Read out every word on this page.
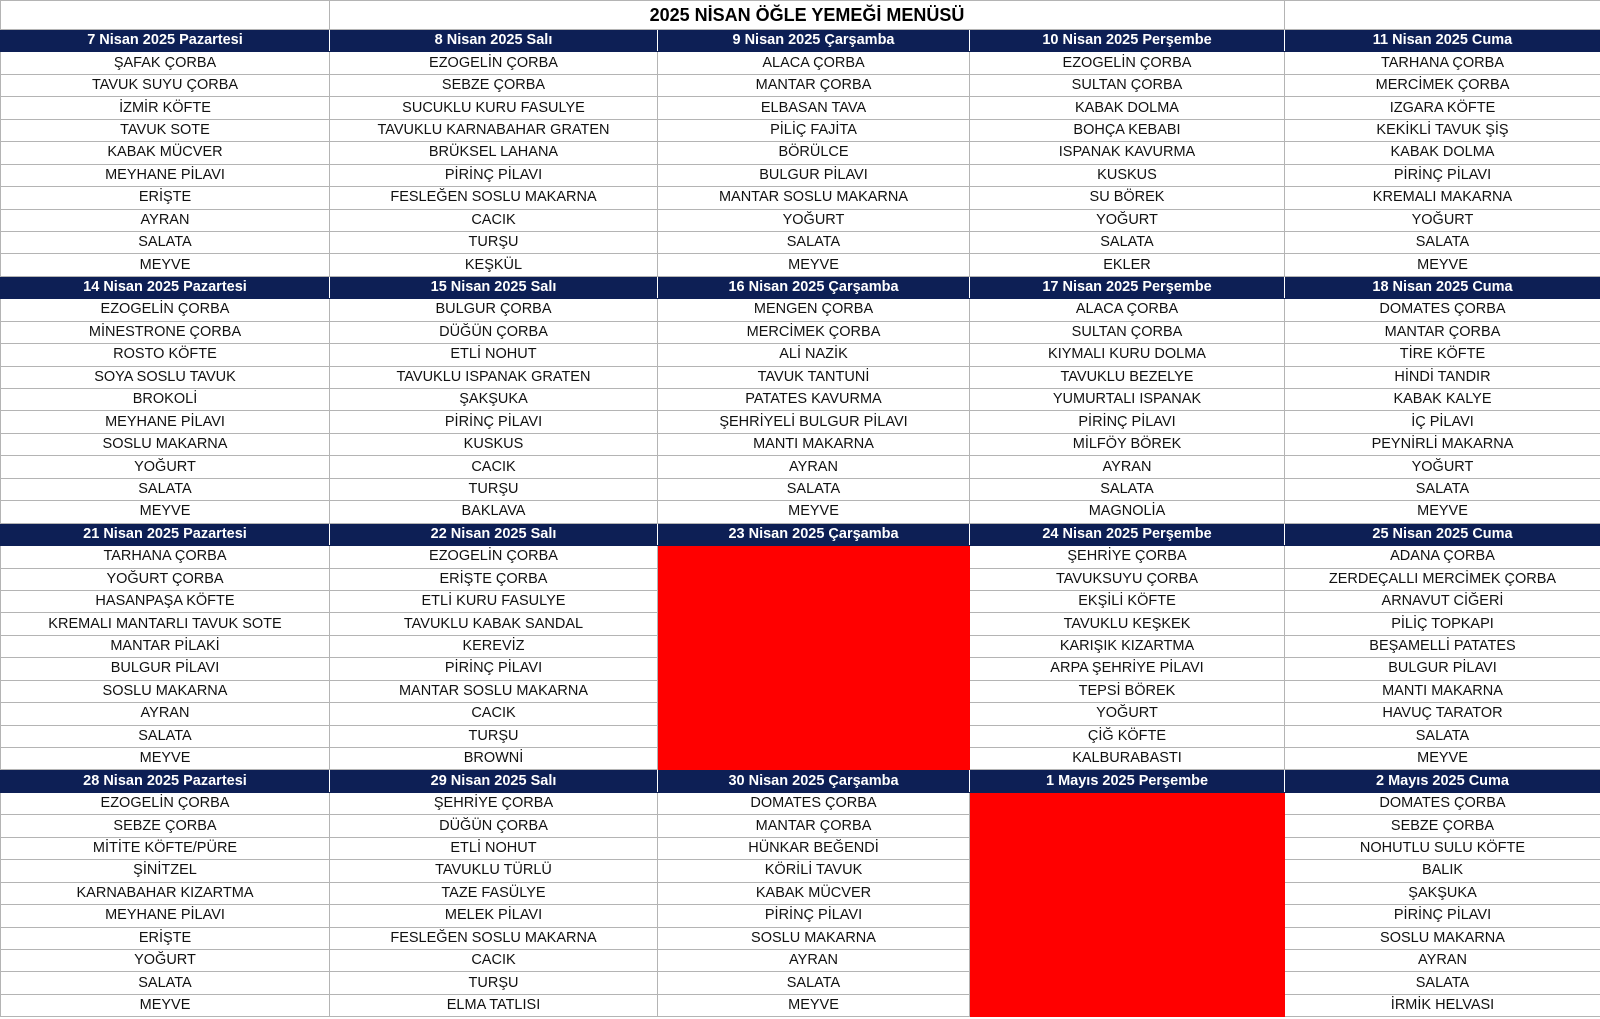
	2025 NİSAN ÖĞLE YEMEĞİ MENÜSÜ			
7 Nisan 2025 Pazartesi	8 Nisan 2025 Salı	9 Nisan 2025 Çarşamba	10 Nisan 2025 Perşembe	11 Nisan 2025 Cuma
ŞAFAK ÇORBA	EZOGELİN ÇORBA	ALACA ÇORBA	EZOGELİN ÇORBA	TARHANA ÇORBA
TAVUK SUYU ÇORBA	SEBZE ÇORBA	MANTAR ÇORBA	SULTAN ÇORBA	MERCİMEK ÇORBA
İZMİR KÖFTE	SUCUKLU KURU FASULYE	ELBASAN TAVA	KABAK DOLMA	IZGARA KÖFTE
TAVUK SOTE	TAVUKLU KARNABAHAR GRATEN	PİLİÇ FAJİTA	BOHÇA KEBABI	KEKİKLİ TAVUK ŞİŞ
KABAK MÜCVER	BRÜKSEL LAHANA	BÖRÜLCE	ISPANAK KAVURMA	KABAK DOLMA
MEYHANE PİLAVI	PİRİNÇ PİLAVI	BULGUR PİLAVI	KUSKUS	PİRİNÇ PİLAVI
ERİŞTE	FESLEĞEN SOSLU MAKARNA	MANTAR SOSLU MAKARNA	SU BÖREK	KREMALI MAKARNA
AYRAN	CACIK	YOĞURT	YOĞURT	YOĞURT
SALATA	TURŞU	SALATA	SALATA	SALATA
MEYVE	KEŞKÜL	MEYVE	EKLER	MEYVE
14 Nisan 2025 Pazartesi	15 Nisan 2025 Salı	16 Nisan 2025 Çarşamba	17 Nisan 2025 Perşembe	18 Nisan 2025 Cuma
EZOGELİN ÇORBA	BULGUR ÇORBA	MENGEN ÇORBA	ALACA ÇORBA	DOMATES ÇORBA
MİNESTRONE ÇORBA	DÜĞÜN ÇORBA	MERCİMEK ÇORBA	SULTAN ÇORBA	MANTAR ÇORBA
ROSTO KÖFTE	ETLİ NOHUT	ALİ NAZİK	KIYMALI KURU DOLMA	TİRE KÖFTE
SOYA SOSLU TAVUK	TAVUKLU ISPANAK GRATEN	TAVUK TANTUNİ	TAVUKLU BEZELYE	HİNDİ TANDIR
BROKOLİ	ŞAKŞUKA	PATATES KAVURMA	YUMURTALI ISPANAK	KABAK KALYE
MEYHANE PİLAVI	PİRİNÇ PİLAVI	ŞEHRİYELİ BULGUR PİLAVI	PİRİNÇ PİLAVI	İÇ PİLAVI
SOSLU MAKARNA	KUSKUS	MANTI MAKARNA	MİLFÖY BÖREK	PEYNİRLİ MAKARNA
YOĞURT	CACIK	AYRAN	AYRAN	YOĞURT
SALATA	TURŞU	SALATA	SALATA	SALATA
MEYVE	BAKLAVA	MEYVE	MAGNOLİA	MEYVE
21 Nisan 2025 Pazartesi	22 Nisan 2025 Salı	23 Nisan 2025 Çarşamba	24 Nisan 2025 Perşembe	25 Nisan 2025 Cuma
TARHANA ÇORBA	EZOGELİN ÇORBA		ŞEHRİYE ÇORBA	ADANA ÇORBA
YOĞURT ÇORBA	ERİŞTE ÇORBA		TAVUKSUYU ÇORBA	ZERDEÇALLI MERCİMEK ÇORBA
HASANPAŞA KÖFTE	ETLİ KURU FASULYE		EKŞİLİ KÖFTE	ARNAVUT CİĞERİ
KREMALI MANTARLI TAVUK SOTE	TAVUKLU KABAK SANDAL		TAVUKLU KEŞKEK	PİLİÇ TOPKAPI
MANTAR PİLAKİ	KEREVİZ		KARIŞIK KIZARTMA	BEŞAMELLİ PATATES
BULGUR PİLAVI	PİRİNÇ PİLAVI		ARPA ŞEHRİYE PİLAVI	BULGUR PİLAVI
SOSLU MAKARNA	MANTAR SOSLU MAKARNA		TEPSİ BÖREK	MANTI MAKARNA
AYRAN	CACIK		YOĞURT	HAVUÇ TARATOR
SALATA	TURŞU		ÇİĞ KÖFTE	SALATA
MEYVE	BROWNİ		KALBURABASTI	MEYVE
28 Nisan 2025 Pazartesi	29 Nisan 2025 Salı	30 Nisan 2025 Çarşamba	1 Mayıs 2025 Perşembe	2 Mayıs 2025 Cuma
EZOGELİN ÇORBA	ŞEHRİYE ÇORBA	DOMATES ÇORBA		DOMATES ÇORBA
SEBZE ÇORBA	DÜĞÜN ÇORBA	MANTAR ÇORBA		SEBZE ÇORBA
MİTİTE KÖFTE/PÜRE	ETLİ NOHUT	HÜNKAR BEĞENDİ		NOHUTLU SULU KÖFTE
ŞİNİTZEL	TAVUKLU TÜRLÜ	KÖRİLİ TAVUK		BALIK
KARNABAHAR KIZARTMA	TAZE FASÜLYE	KABAK MÜCVER		ŞAKŞUKA
MEYHANE PİLAVI	MELEK PİLAVI	PİRİNÇ PİLAVI		PİRİNÇ PİLAVI
ERİŞTE	FESLEĞEN SOSLU MAKARNA	SOSLU MAKARNA		SOSLU MAKARNA
YOĞURT	CACIK	AYRAN		AYRAN
SALATA	TURŞU	SALATA		SALATA
MEYVE	ELMA TATLISI	MEYVE		İRMİK HELVASI
